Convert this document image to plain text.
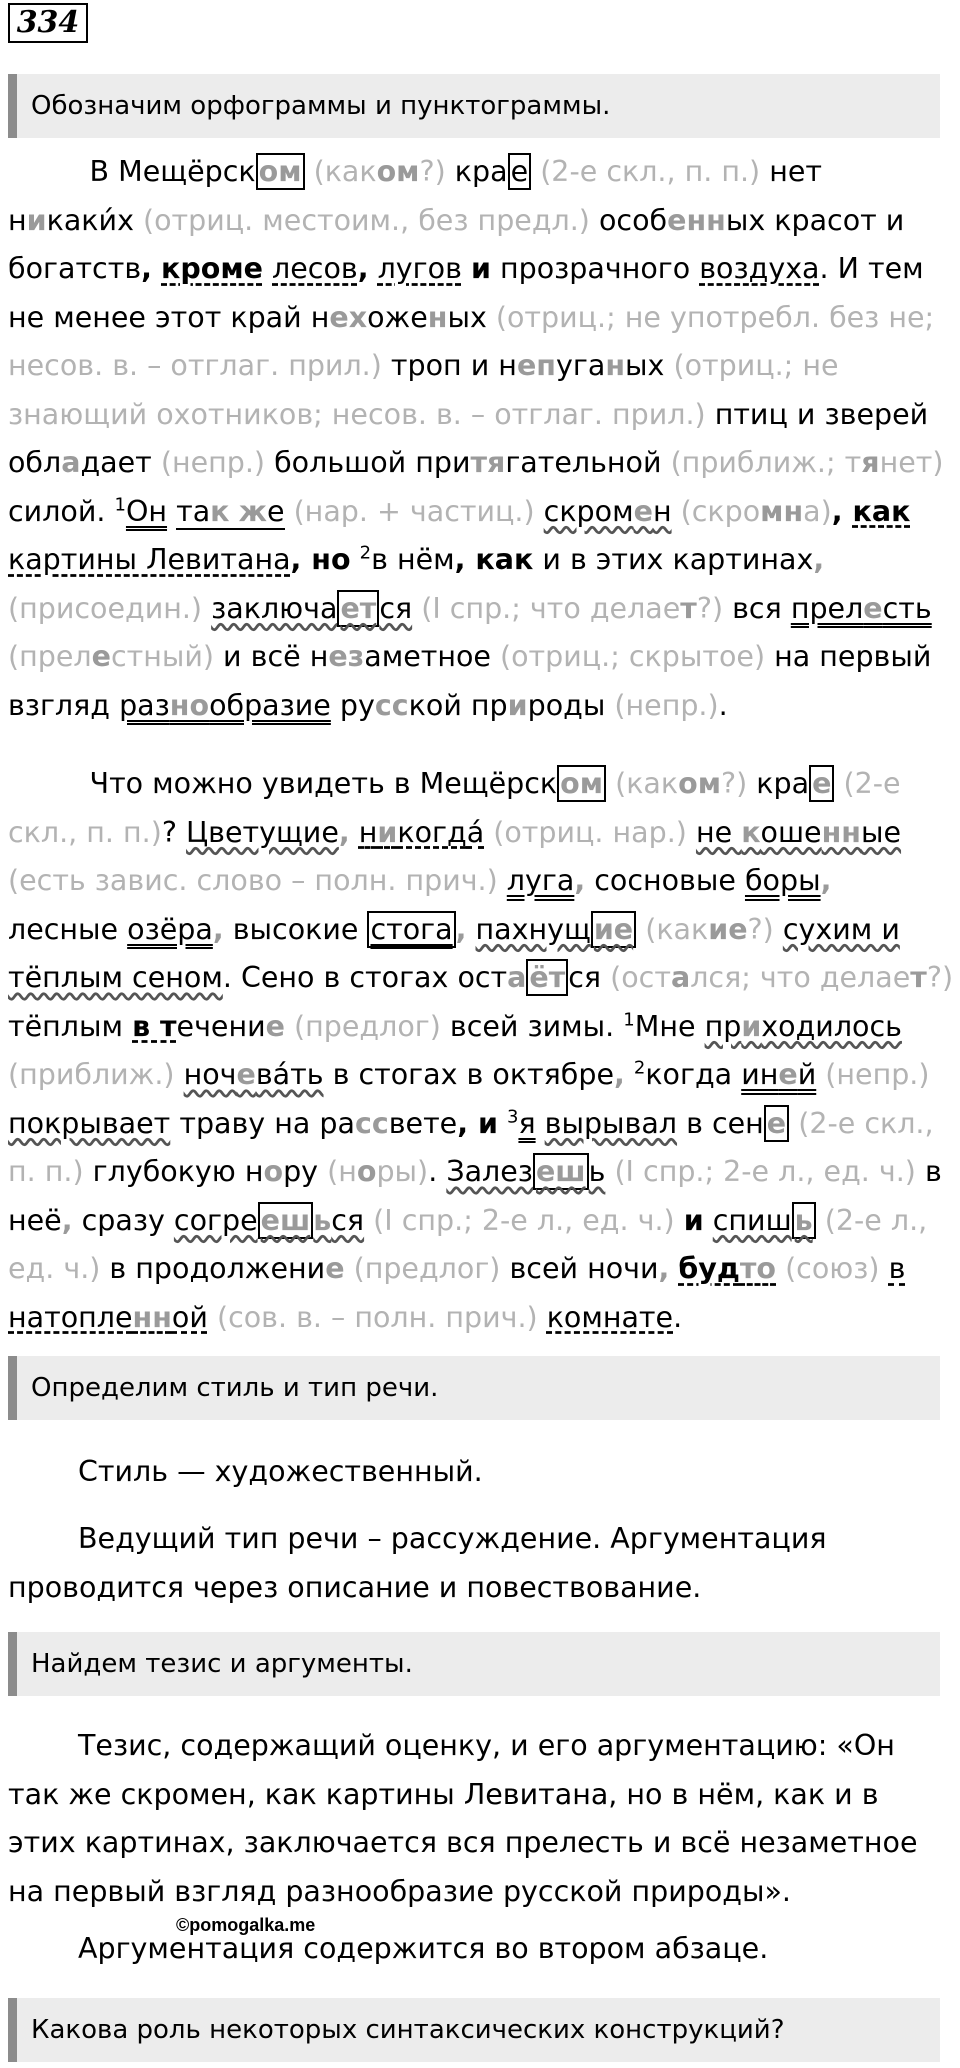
334
Обозначим орфограммы и пунктограммы.
В Мещёрск ом (каком?) кра е (2-е скл., п. п.) нет
никаки́х (отриц. местоим., без предл.) особенных красот и
богатств, кроме лесов, лугов и прозрачного воздуха. И тем
не менее этот край нехоженых (отриц.; не употребл. без не;
несов. в. – отглаг. прил.) троп и непуганых (отриц.; не
знающий охотников; несов. в. – отглаг. прил.) птиц и зверей
обладает (непр.) большой притягательной (приближ.; тянет)
силой. $^1$Он так же (нар. + частиц.) скромен (скромна), как
картины Левитана, но $^2$в нём, как и в этих картинах,
(присоедин.) заключа ет ся (I спр.; что делает?) вся прелесть
(прелестный) и всё незаметное (отриц.; скрытое) на первый
взгляд разнообразие русской природы (непр.).
Что можно увидеть в Мещёрск ом (каком?) кра е (2-е
скл., п. п.)? Цветущие, никогда́ (отриц. нар.) не кошенные
(есть завис. слово – полн. прич.) луга, сосновые боры,
лесные озёра, высокие стога , пахнущ ие (какие?) сухим и
тёплым сеном. Сено в стогах оста ёт ся (остался; что делает?)
тёплым в течение (предлог) всей зимы. $^1$Мне приходилось
(приближ.) ночева́ть в стогах в октябре, $^2$когда иней (непр.)
покрывает траву на рассвете, и $^3$я вырывал в сен е (2-е скл.,
п. п.) глубокую нору (норы). Залез еш ь (I спр.; 2-е л., ед. ч.) в
неё, сразу согре еш ься (I спр.; 2-е л., ед. ч.) и спиш ь (2-е л.,
ед. ч.) в продолжение (предлог) всей ночи, будто (союз) в
натопленной (сов. в. – полн. прич.) комнате.
Определим стиль и тип речи.
Стиль — художественный.
Ведущий тип речи – рассуждение. Аргументация
проводится через описание и повествование.
Найдем тезис и аргументы.
Тезис, содержащий оценку, и его аргументацию: «Он
так же скромен, как картины Левитана, но в нём, как и в
этих картинах, заключается вся прелесть и всё незаметное
на первый взгляд разнообразие русской природы».
©pomogalka.me
Аргументация содержится во втором абзаце.
Какова роль некоторых синтаксических конструкций?
